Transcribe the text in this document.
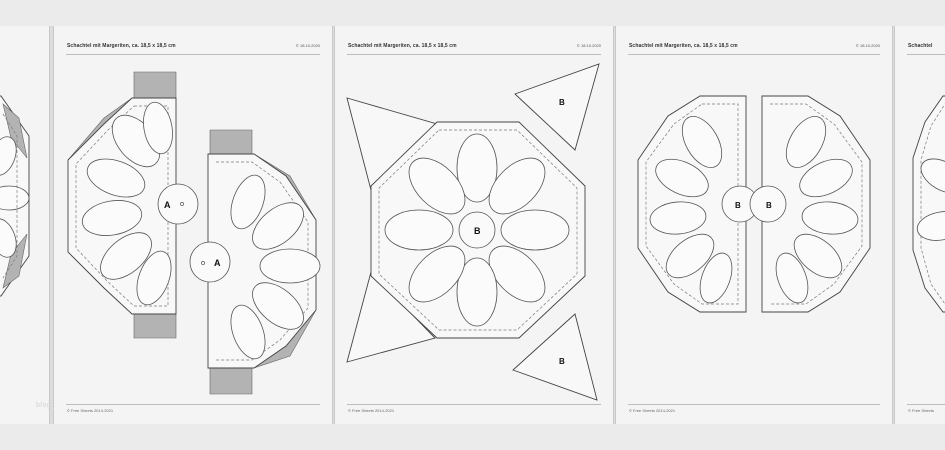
Schachtel mit Margeriten, ca. 18,5 x 18,5 cm	© 18.10.2020
A
A
© Free Sheets 2014-2021
Schachtel mit Margeriten, ca. 18,5 x 18,5 cm	© 18.10.2020
B
B
B
© Free Sheets 2014-2021
Schachtel mit Margeriten, ca. 18,5 x 18,5 cm	© 18.10.2020
B	B
© Free Sheets 2014-2021
Schachtel
© Free Sheets
blog
